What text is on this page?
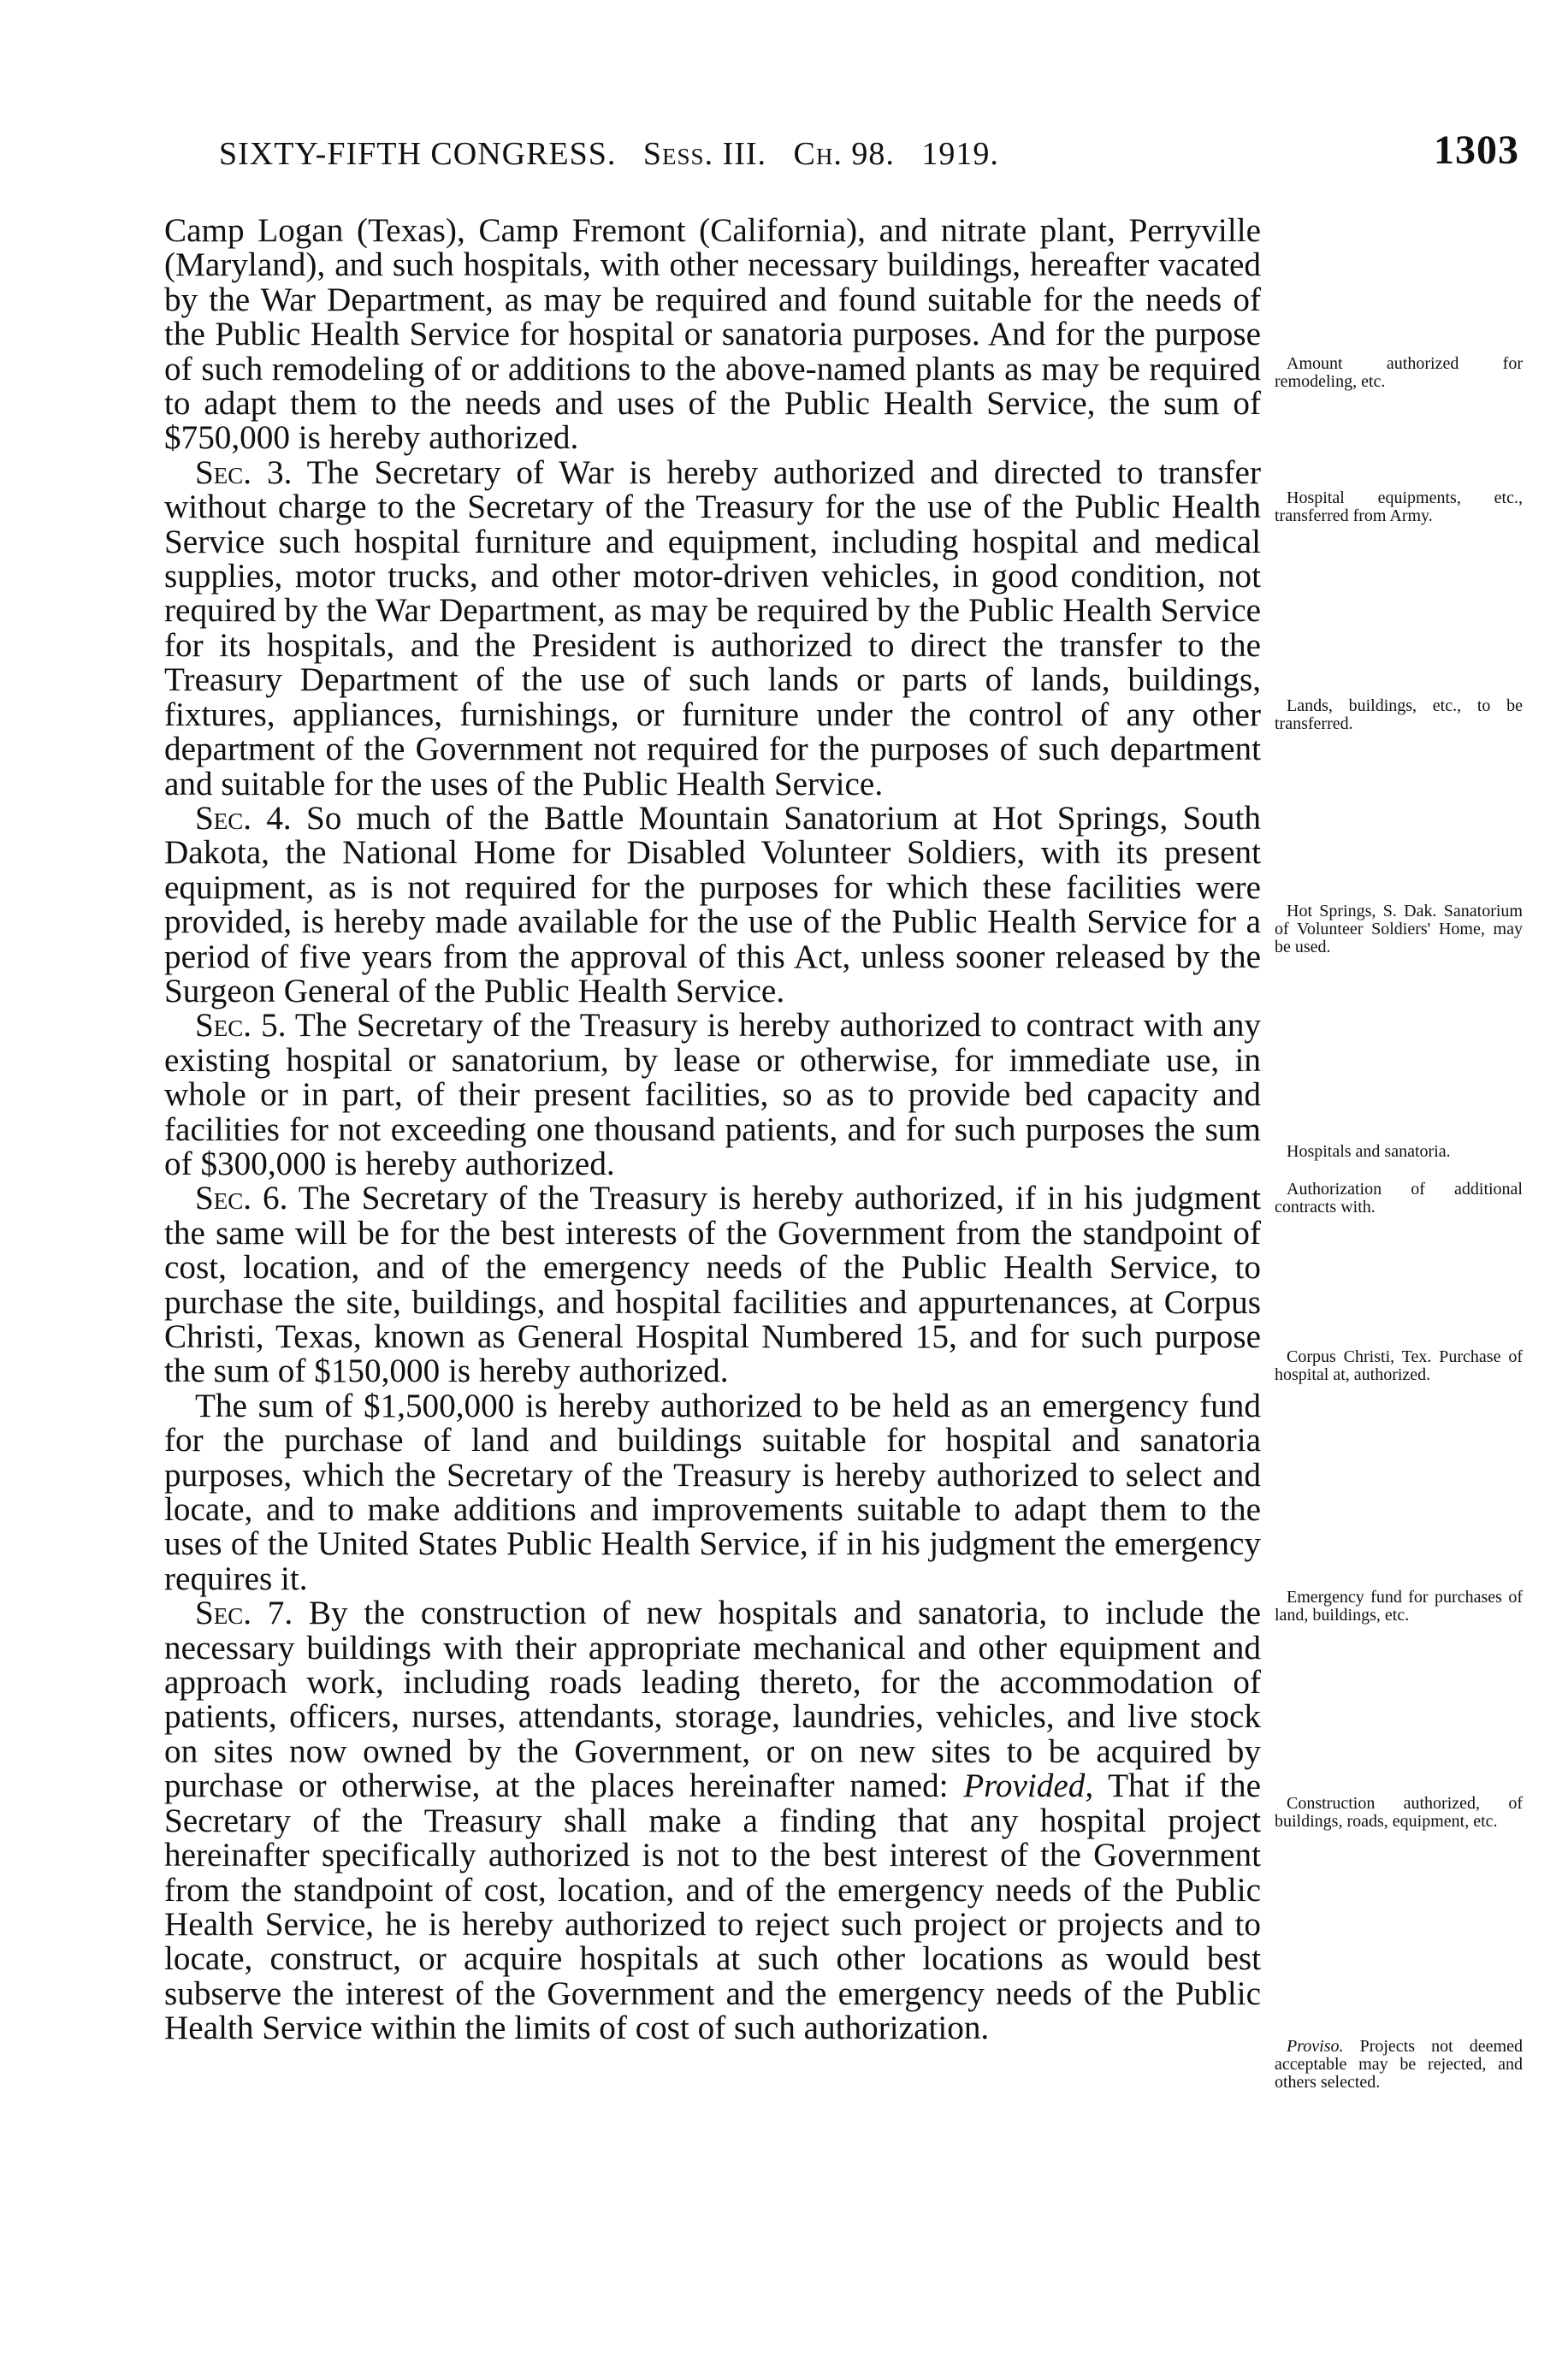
SIXTY-FIFTH CONGRESS. Sess. III. Ch. 98. 1919.	1303

Camp Logan (Texas), Camp Fremont (California), and nitrate plant, Perryville (Maryland), and such hospitals, with other necessary buildings, hereafter vacated by the War Department, as may be required and found suitable for the needs of the Public Health Service for hospital or sanatoria purposes. And for the purpose of such remodeling of or additions to the above-named plants as may be required to adapt them to the needs and uses of the Public Health Service, the sum of $750,000 is hereby authorized.

Sec. 3. The Secretary of War is hereby authorized and directed to transfer without charge to the Secretary of the Treasury for the use of the Public Health Service such hospital furniture and equipment, including hospital and medical supplies, motor trucks, and other motor-driven vehicles, in good condition, not required by the War Department, as may be required by the Public Health Service for its hospitals, and the President is authorized to direct the transfer to the Treasury Department of the use of such lands or parts of lands, buildings, fixtures, appliances, furnishings, or furniture under the control of any other department of the Government not required for the purposes of such department and suitable for the uses of the Public Health Service.

Sec. 4. So much of the Battle Mountain Sanatorium at Hot Springs, South Dakota, the National Home for Disabled Volunteer Soldiers, with its present equipment, as is not required for the purposes for which these facilities were provided, is hereby made available for the use of the Public Health Service for a period of five years from the approval of this Act, unless sooner released by the Surgeon General of the Public Health Service.

Sec. 5. The Secretary of the Treasury is hereby authorized to contract with any existing hospital or sanatorium, by lease or otherwise, for immediate use, in whole or in part, of their present facilities, so as to provide bed capacity and facilities for not exceeding one thousand patients, and for such purposes the sum of $300,000 is hereby authorized.

Sec. 6. The Secretary of the Treasury is hereby authorized, if in his judgment the same will be for the best interests of the Government from the standpoint of cost, location, and of the emergency needs of the Public Health Service, to purchase the site, buildings, and hospital facilities and appurtenances, at Corpus Christi, Texas, known as General Hospital Numbered 15, and for such purpose the sum of $150,000 is hereby authorized.

The sum of $1,500,000 is hereby authorized to be held as an emergency fund for the purchase of land and buildings suitable for hospital and sanatoria purposes, which the Secretary of the Treasury is hereby authorized to select and locate, and to make additions and improvements suitable to adapt them to the uses of the United States Public Health Service, if in his judgment the emergency requires it.

Sec. 7. By the construction of new hospitals and sanatoria, to include the necessary buildings with their appropriate mechanical and other equipment and approach work, including roads leading thereto, for the accommodation of patients, officers, nurses, attendants, storage, laundries, vehicles, and live stock on sites now owned by the Government, or on new sites to be acquired by purchase or otherwise, at the places hereinafter named: Provided, That if the Secretary of the Treasury shall make a finding that any hospital project hereinafter specifically authorized is not to the best interest of the Government from the standpoint of cost, location, and of the emergency needs of the Public Health Service, he is hereby authorized to reject such project or projects and to locate, construct, or acquire hospitals at such other locations as would best subserve the interest of the Government and the emergency needs of the Public Health Service within the limits of cost of such authorization.

Amount authorized for remodeling, etc.
Hospital equipments, etc., transferred from Army.
Lands, buildings, etc., to be transferred.
Hot Springs, S. Dak. Sanatorium of Volunteer Soldiers' Home, may be used.
Hospitals and sanatoria.
Authorization of additional contracts with.
Corpus Christi, Tex. Purchase of hospital at, authorized.
Emergency fund for purchases of land, buildings, etc.
Construction authorized, of buildings, roads, equipment, etc.
Proviso. Projects not deemed acceptable may be rejected, and others selected.
